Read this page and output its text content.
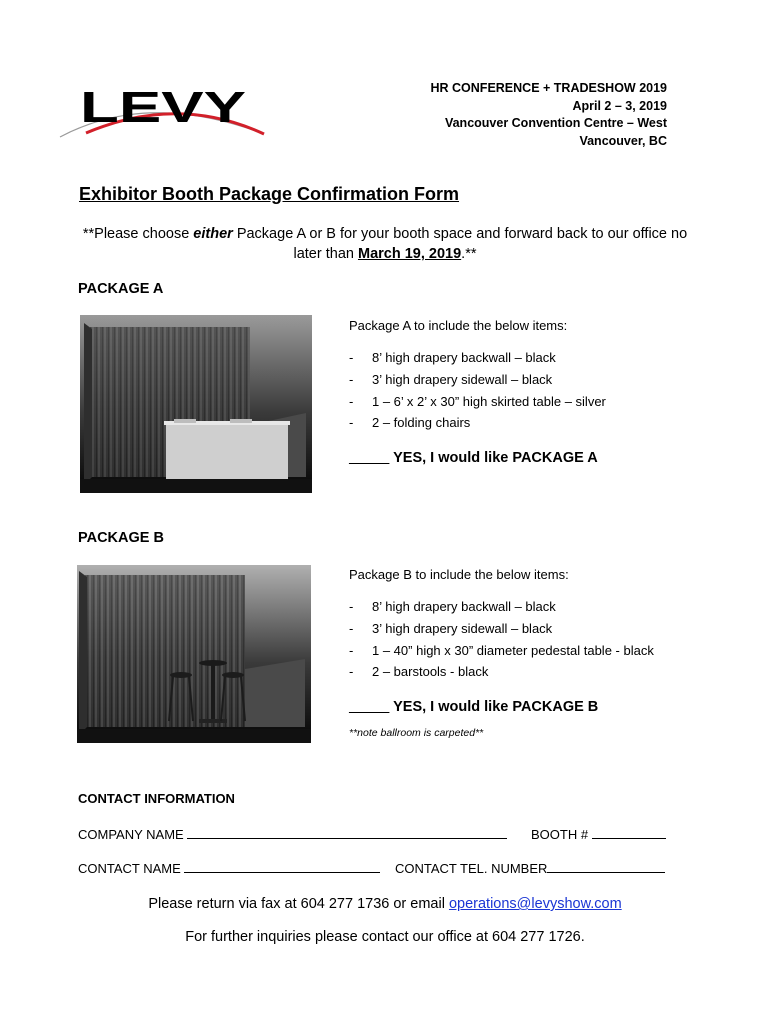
LEVY	HR CONFERENCE + TRADESHOW 2019
April 2 – 3, 2019
Vancouver Convention Centre – West
Vancouver, BC
Exhibitor Booth Package Confirmation Form
**Please choose either Package A or B for your booth space and forward back to our office no later than March 19, 2019.**
PACKAGE A
Package A to include the below items:
- 8’ high drapery backwall – black
- 3’ high drapery sidewall – black
- 1 – 6’ x 2’ x 30” high skirted table – silver
- 2 – folding chairs
_____ YES, I would like PACKAGE A
PACKAGE B
Package B to include the below items:
- 8’ high drapery backwall – black
- 3’ high drapery sidewall – black
- 1 – 40” high x 30” diameter pedestal table - black
- 2 – barstools - black
_____ YES, I would like PACKAGE B
**note ballroom is carpeted**
CONTACT INFORMATION
COMPANY NAME	BOOTH #
CONTACT NAME	CONTACT TEL. NUMBER
Please return via fax at 604 277 1736 or email operations@levyshow.com
For further inquiries please contact our office at 604 277 1726.
